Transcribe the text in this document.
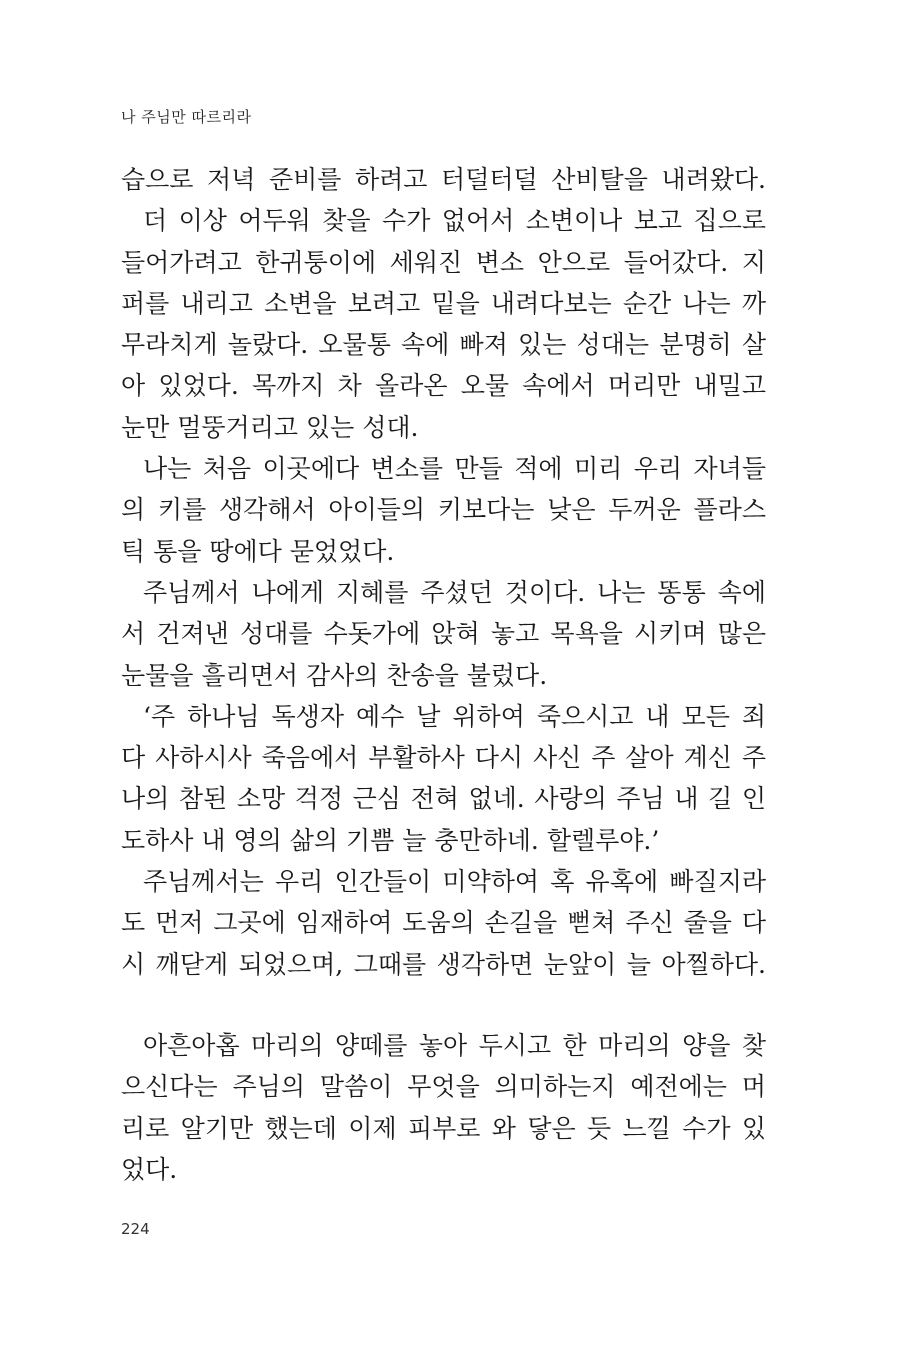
나 주님만 따르리라
습으로 저녁 준비를 하려고 터덜터덜 산비탈을 내려왔다.
더 이상 어두워 찾을 수가 없어서 소변이나 보고 집으로
들어가려고 한귀퉁이에 세워진 변소 안으로 들어갔다. 지
퍼를 내리고 소변을 보려고 밑을 내려다보는 순간 나는 까
무라치게 놀랐다. 오물통 속에 빠져 있는 성대는 분명히 살
아 있었다. 목까지 차 올라온 오물 속에서 머리만 내밀고
눈만 멀뚱거리고 있는 성대.
나는 처음 이곳에다 변소를 만들 적에 미리 우리 자녀들
의 키를 생각해서 아이들의 키보다는 낮은 두꺼운 플라스
틱 통을 땅에다 묻었었다.
주님께서 나에게 지혜를 주셨던 것이다. 나는 똥통 속에
서 건져낸 성대를 수돗가에 앉혀 놓고 목욕을 시키며 많은
눈물을 흘리면서 감사의 찬송을 불렀다.
‘주 하나님 독생자 예수 날 위하여 죽으시고 내 모든 죄
다 사하시사 죽음에서 부활하사 다시 사신 주 살아 계신 주
나의 참된 소망 걱정 근심 전혀 없네. 사랑의 주님 내 길 인
도하사 내 영의 삶의 기쁨 늘 충만하네. 할렐루야.’
주님께서는 우리 인간들이 미약하여 혹 유혹에 빠질지라
도 먼저 그곳에 임재하여 도움의 손길을 뻗쳐 주신 줄을 다
시 깨닫게 되었으며, 그때를 생각하면 눈앞이 늘 아찔하다.
아흔아홉 마리의 양떼를 놓아 두시고 한 마리의 양을 찾
으신다는 주님의 말씀이 무엇을 의미하는지 예전에는 머
리로 알기만 했는데 이제 피부로 와 닿은 듯 느낄 수가 있
었다.
224
